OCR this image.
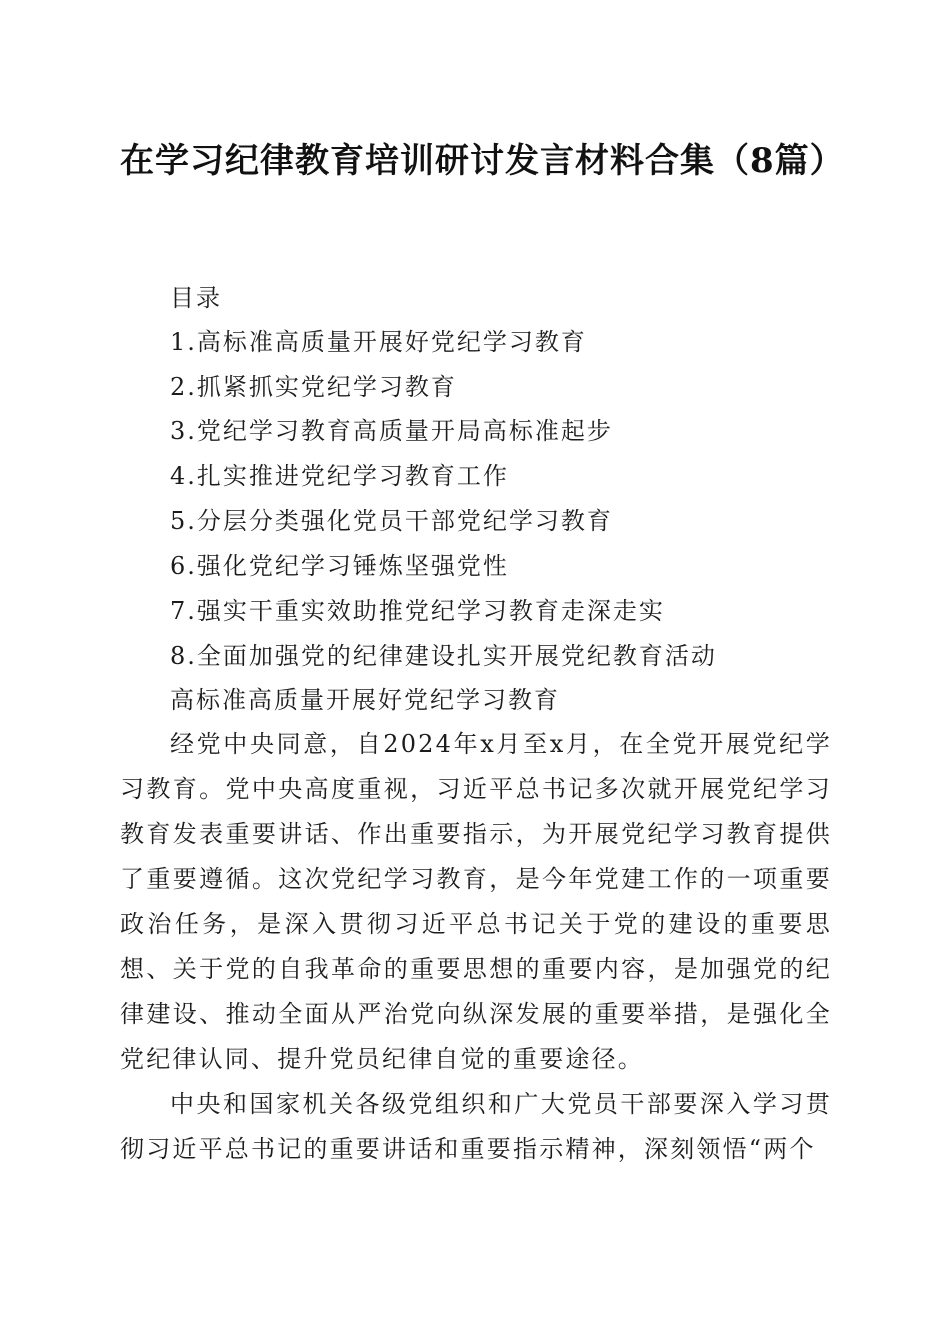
在学习纪律教育培训研讨发言材料合集（8篇）
目录
1.高标准高质量开展好党纪学习教育
2.抓紧抓实党纪学习教育
3.党纪学习教育高质量开局高标准起步
4.扎实推进党纪学习教育工作
5.分层分类强化党员干部党纪学习教育
6.强化党纪学习锤炼坚强党性
7.强实干重实效助推党纪学习教育走深走实
8.全面加强党的纪律建设扎实开展党纪教育活动
高标准高质量开展好党纪学习教育
经党中央同意，自2024年x月至x月，在全党开展党纪学习教育。党中央高度重视，习近平总书记多次就开展党纪学习教育发表重要讲话、作出重要指示，为开展党纪学习教育提供了重要遵循。这次党纪学习教育，是今年党建工作的一项重要政治任务，是深入贯彻习近平总书记关于党的建设的重要思想、关于党的自我革命的重要思想的重要内容，是加强党的纪律建设、推动全面从严治党向纵深发展的重要举措，是强化全党纪律认同、提升党员纪律自觉的重要途径。
中央和国家机关各级党组织和广大党员干部要深入学习贯彻习近平总书记的重要讲话和重要指示精神，深刻领悟“两个
